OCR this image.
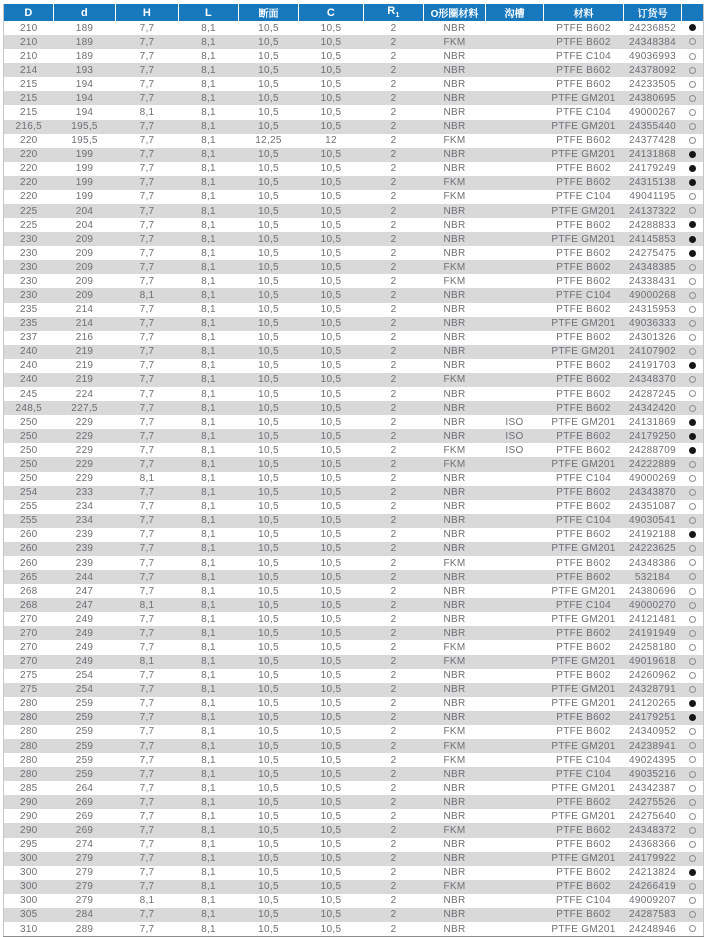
D	d	H	L	断面	C	$R_1$	O形圈材料	沟槽	材料	订货号	
210	189	7,7	8,1	10,5	10,5	2	NBR		PTFE B602	24236852	
210	189	7,7	8,1	10,5	10,5	2	FKM		PTFE B602	24348384	
210	189	7,7	8,1	10,5	10,5	2	NBR		PTFE C104	49036993	
214	193	7,7	8,1	10,5	10,5	2	NBR		PTFE B602	24378092	
215	194	7,7	8,1	10,5	10,5	2	NBR		PTFE B602	24233505	
215	194	7,7	8,1	10,5	10,5	2	NBR		PTFE GM201	24380695	
215	194	8,1	8,1	10,5	10,5	2	NBR		PTFE C104	49000267	
216,5	195,5	7,7	8,1	10,5	10,5	2	NBR		PTFE GM201	24355440	
220	195,5	7,7	8,1	12,25	12	2	FKM		PTFE B602	24377428	
220	199	7,7	8,1	10,5	10,5	2	NBR		PTFE GM201	24131868	
220	199	7,7	8,1	10,5	10,5	2	NBR		PTFE B602	24179249	
220	199	7,7	8,1	10,5	10,5	2	FKM		PTFE B602	24315138	
220	199	7,7	8,1	10,5	10,5	2	FKM		PTFE C104	49041195	
225	204	7,7	8,1	10,5	10,5	2	NBR		PTFE GM201	24137322	
225	204	7,7	8,1	10,5	10,5	2	NBR		PTFE B602	24288833	
230	209	7,7	8,1	10,5	10,5	2	NBR		PTFE GM201	24145853	
230	209	7,7	8,1	10,5	10,5	2	NBR		PTFE B602	24275475	
230	209	7,7	8,1	10,5	10,5	2	FKM		PTFE B602	24348385	
230	209	7,7	8,1	10,5	10,5	2	FKM		PTFE B602	24338431	
230	209	8,1	8,1	10,5	10,5	2	NBR		PTFE C104	49000268	
235	214	7,7	8,1	10,5	10,5	2	NBR		PTFE B602	24315953	
235	214	7,7	8,1	10,5	10,5	2	NBR		PTFE GM201	49036333	
237	216	7,7	8,1	10,5	10,5	2	NBR		PTFE B602	24301326	
240	219	7,7	8,1	10,5	10,5	2	NBR		PTFE GM201	24107902	
240	219	7,7	8,1	10,5	10,5	2	NBR		PTFE B602	24191703	
240	219	7,7	8,1	10,5	10,5	2	FKM		PTFE B602	24348370	
245	224	7,7	8,1	10,5	10,5	2	NBR		PTFE B602	24287245	
248,5	227,5	7,7	8,1	10,5	10,5	2	NBR		PTFE B602	24342420	
250	229	7,7	8,1	10,5	10,5	2	NBR	ISO	PTFE GM201	24131869	
250	229	7,7	8,1	10,5	10,5	2	NBR	ISO	PTFE B602	24179250	
250	229	7,7	8,1	10,5	10,5	2	FKM	ISO	PTFE B602	24288709	
250	229	7,7	8,1	10,5	10,5	2	FKM		PTFE GM201	24222889	
250	229	8,1	8,1	10,5	10,5	2	NBR		PTFE C104	49000269	
254	233	7,7	8,1	10,5	10,5	2	NBR		PTFE B602	24343870	
255	234	7,7	8,1	10,5	10,5	2	NBR		PTFE B602	24351087	
255	234	7,7	8,1	10,5	10,5	2	NBR		PTFE C104	49030541	
260	239	7,7	8,1	10,5	10,5	2	NBR		PTFE B602	24192188	
260	239	7,7	8,1	10,5	10,5	2	NBR		PTFE GM201	24223625	
260	239	7,7	8,1	10,5	10,5	2	FKM		PTFE B602	24348386	
265	244	7,7	8,1	10,5	10,5	2	NBR		PTFE B602	532184	
268	247	7,7	8,1	10,5	10,5	2	NBR		PTFE GM201	24380696	
268	247	8,1	8,1	10,5	10,5	2	NBR		PTFE C104	49000270	
270	249	7,7	8,1	10,5	10,5	2	NBR		PTFE GM201	24121481	
270	249	7,7	8,1	10,5	10,5	2	NBR		PTFE B602	24191949	
270	249	7,7	8,1	10,5	10,5	2	FKM		PTFE B602	24258180	
270	249	8,1	8,1	10,5	10,5	2	FKM		PTFE GM201	49019618	
275	254	7,7	8,1	10,5	10,5	2	NBR		PTFE B602	24260962	
275	254	7,7	8,1	10,5	10,5	2	NBR		PTFE GM201	24328791	
280	259	7,7	8,1	10,5	10,5	2	NBR		PTFE GM201	24120265	
280	259	7,7	8,1	10,5	10,5	2	NBR		PTFE B602	24179251	
280	259	7,7	8,1	10,5	10,5	2	FKM		PTFE B602	24340952	
280	259	7,7	8,1	10,5	10,5	2	FKM		PTFE GM201	24238941	
280	259	7,7	8,1	10,5	10,5	2	FKM		PTFE C104	49024395	
280	259	7,7	8,1	10,5	10,5	2	NBR		PTFE C104	49035216	
285	264	7,7	8,1	10,5	10,5	2	NBR		PTFE GM201	24342387	
290	269	7,7	8,1	10,5	10,5	2	NBR		PTFE B602	24275526	
290	269	7,7	8,1	10,5	10,5	2	NBR		PTFE GM201	24275640	
290	269	7,7	8,1	10,5	10,5	2	FKM		PTFE B602	24348372	
295	274	7,7	8,1	10,5	10,5	2	NBR		PTFE B602	24368366	
300	279	7,7	8,1	10,5	10,5	2	NBR		PTFE GM201	24179922	
300	279	7,7	8,1	10,5	10,5	2	NBR		PTFE B602	24213824	
300	279	7,7	8,1	10,5	10,5	2	FKM		PTFE B602	24266419	
300	279	8,1	8,1	10,5	10,5	2	NBR		PTFE C104	49009207	
305	284	7,7	8,1	10,5	10,5	2	NBR		PTFE B602	24287583	
310	289	7,7	8,1	10,5	10,5	2	NBR		PTFE GM201	24248946	
